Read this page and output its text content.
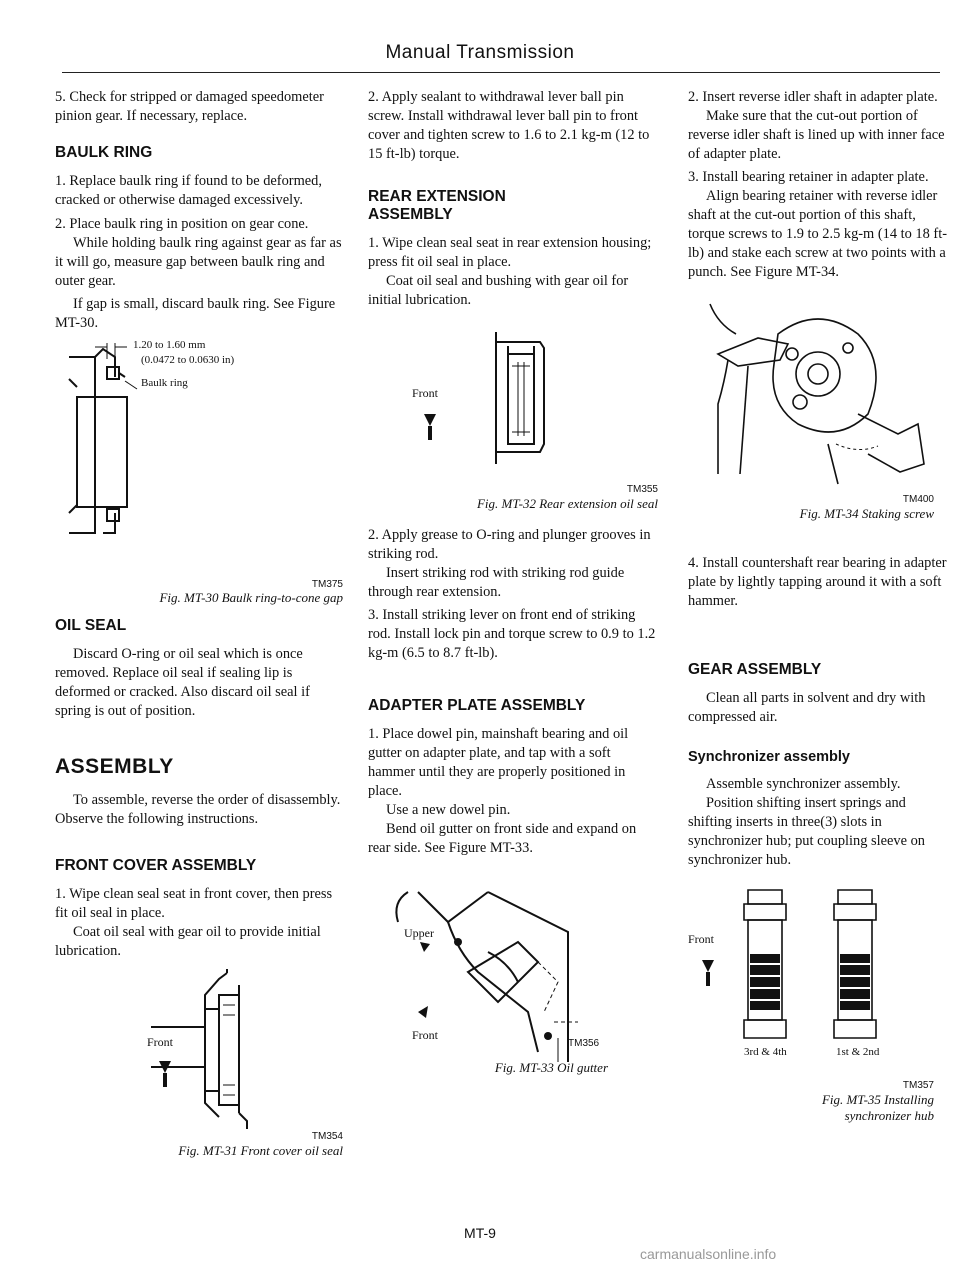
Manual Transmission

5. Check for stripped or damaged speedometer pinion gear. If necessary, replace.

BAULK RING

1. Replace baulk ring if found to be deformed, cracked or otherwise damaged excessively.

2. Place baulk ring in position on gear cone.

While holding baulk ring against gear as far as it will go, measure gap between baulk ring and outer gear.

If gap is small, discard baulk ring. See Figure MT-30.

1.20 to 1.60 mm
(0.0472 to 0.0630 in)
Baulk ring

TM375

Fig. MT-30 Baulk ring-to-cone gap

OIL SEAL

Discard O-ring or oil seal which is once removed. Replace oil seal if sealing lip is deformed or cracked. Also discard oil seal if spring is out of position.

ASSEMBLY

To assemble, reverse the order of disassembly. Observe the following instructions.

FRONT COVER ASSEMBLY

1. Wipe clean seal seat in front cover, then press fit oil seal in place.

Coat oil seal with gear oil to provide initial lubrication.

Front

TM354

Fig. MT-31 Front cover oil seal

2. Apply sealant to withdrawal lever ball pin screw. Install withdrawal lever ball pin to front cover and tighten screw to 1.6 to 2.1 kg-m (12 to 15 ft-lb) torque.

REAR EXTENSION ASSEMBLY

1. Wipe clean seal seat in rear extension housing; press fit oil seal in place.

Coat oil seal and bushing with gear oil for initial lubrication.

Front

TM355

Fig. MT-32 Rear extension oil seal

2. Apply grease to O-ring and plunger grooves in striking rod.

Insert striking rod with striking rod guide through rear extension.

3. Install striking lever on front end of striking rod. Install lock pin and torque screw to 0.9 to 1.2 kg-m (6.5 to 8.7 ft-lb).

ADAPTER PLATE ASSEMBLY

1. Place dowel pin, mainshaft bearing and oil gutter on adapter plate, and tap with a soft hammer until they are properly positioned in place.

Use a new dowel pin.

Bend oil gutter on front side and expand on rear side. See Figure MT-33.

Upper
Front

TM356

Fig. MT-33 Oil gutter

2. Insert reverse idler shaft in adapter plate.

Make sure that the cut-out portion of reverse idler shaft is lined up with inner face of adapter plate.

3. Install bearing retainer in adapter plate.

Align bearing retainer with reverse idler shaft at the cut-out portion of this shaft, torque screws to 1.9 to 2.5 kg-m (14 to 18 ft-lb) and stake each screw at two points with a punch. See Figure MT-34.

TM400

Fig. MT-34 Staking screw

4. Install countershaft rear bearing in adapter plate by lightly tapping around it with a soft hammer.

GEAR ASSEMBLY

Clean all parts in solvent and dry with compressed air.

Synchronizer assembly

Assemble synchronizer assembly.

Position shifting insert springs and shifting inserts in three(3) slots in synchronizer hub; put coupling sleeve on synchronizer hub.

Front
3rd & 4th	1st & 2nd

TM357

Fig. MT-35 Installing synchronizer hub

MT-9
carmanualsonline.info
